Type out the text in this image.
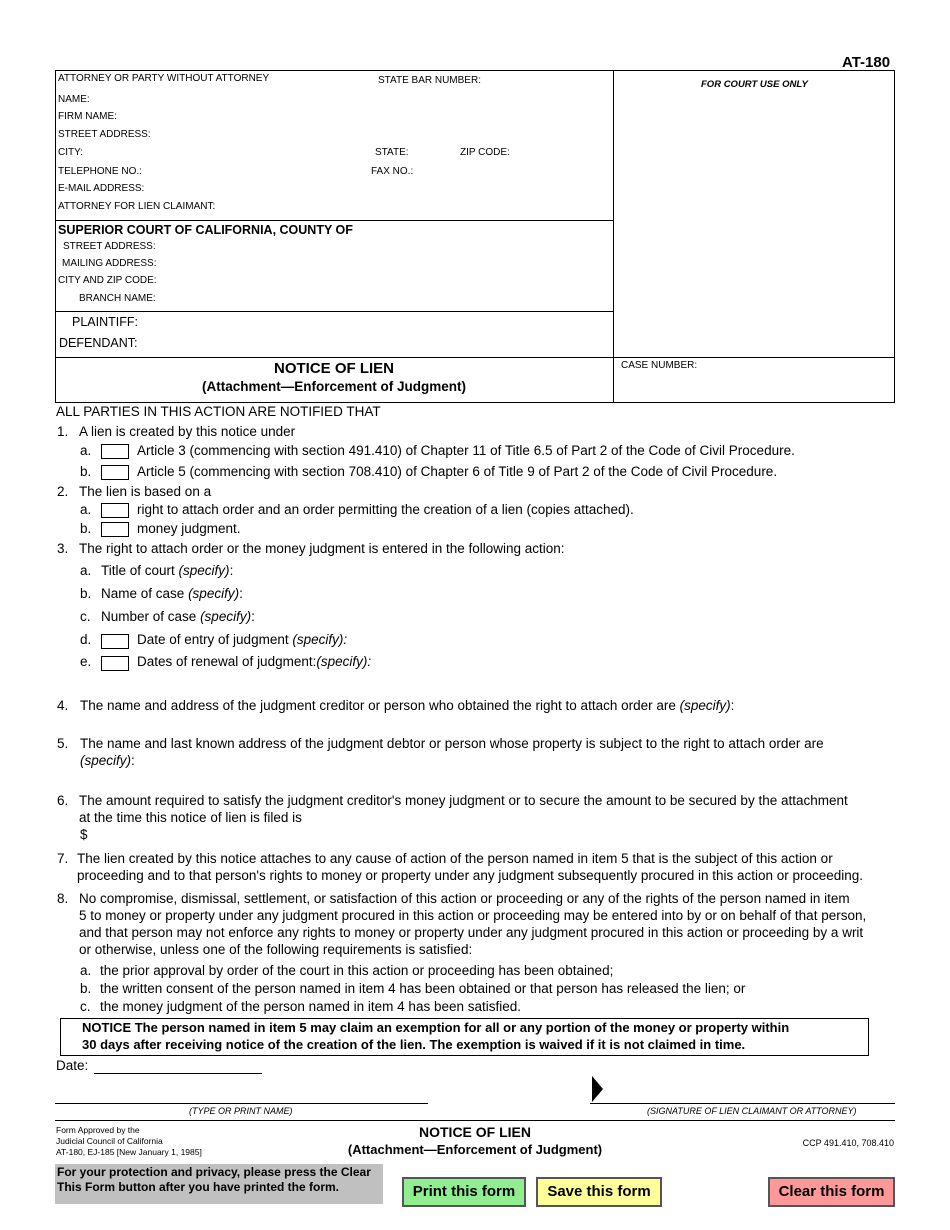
AT-180
ATTORNEY OR PARTY WITHOUT ATTORNEY	STATE BAR NUMBER:	FOR COURT USE ONLY
NAME:
FIRM NAME:
STREET ADDRESS:
CITY:	STATE:	ZIP CODE:
TELEPHONE NO.:	FAX NO.:
E-MAIL ADDRESS:
ATTORNEY FOR LIEN CLAIMANT:
SUPERIOR COURT OF CALIFORNIA, COUNTY OF
STREET ADDRESS:
MAILING ADDRESS:
CITY AND ZIP CODE:
BRANCH NAME:
PLAINTIFF:
DEFENDANT:
NOTICE OF LIEN
(Attachment—Enforcement of Judgment)
CASE NUMBER:
ALL PARTIES IN THIS ACTION ARE NOTIFIED THAT
1. A lien is created by this notice under
a.	Article 3 (commencing with section 491.410) of Chapter 11 of Title 6.5 of Part 2 of the Code of Civil Procedure.
b.	Article 5 (commencing with section 708.410) of Chapter 6 of Title 9 of Part 2 of the Code of Civil Procedure.
2. The lien is based on a
a.	right to attach order and an order permitting the creation of a lien (copies attached).
b.	money judgment.
3. The right to attach order or the money judgment is entered in the following action:
a. Title of court (specify):
b. Name of case (specify):
c. Number of case (specify):
d.	Date of entry of judgment (specify):
e.	Dates of renewal of judgment:(specify):
4. The name and address of the judgment creditor or person who obtained the right to attach order are (specify):
5. The name and last known address of the judgment debtor or person whose property is subject to the right to attach order are
(specify):
6. The amount required to satisfy the judgment creditor's money judgment or to secure the amount to be secured by the attachment
at the time this notice of lien is filed is
$
7. The lien created by this notice attaches to any cause of action of the person named in item 5 that is the subject of this action or
proceeding and to that person's rights to money or property under any judgment subsequently procured in this action or proceeding.
8. No compromise, dismissal, settlement, or satisfaction of this action or proceeding or any of the rights of the person named in item
5 to money or property under any judgment procured in this action or proceeding may be entered into by or on behalf of that person,
and that person may not enforce any rights to money or property under any judgment procured in this action or proceeding by a writ
or otherwise, unless one of the following requirements is satisfied:
a. the prior approval by order of the court in this action or proceeding has been obtained;
b. the written consent of the person named in item 4 has been obtained or that person has released the lien; or
c. the money judgment of the person named in item 4 has been satisfied.
NOTICE The person named in item 5 may claim an exemption for all or any portion of the money or property within
30 days after receiving notice of the creation of the lien. The exemption is waived if it is not claimed in time.
Date:
(TYPE OR PRINT NAME)	(SIGNATURE OF LIEN CLAIMANT OR ATTORNEY)
Form Approved by the
Judicial Council of California
AT-180, EJ-185 [New January 1, 1985]
NOTICE OF LIEN
(Attachment—Enforcement of Judgment)	CCP 491.410, 708.410
For your protection and privacy, please press the Clear
This Form button after you have printed the form.	Print this form	Save this form	Clear this form
